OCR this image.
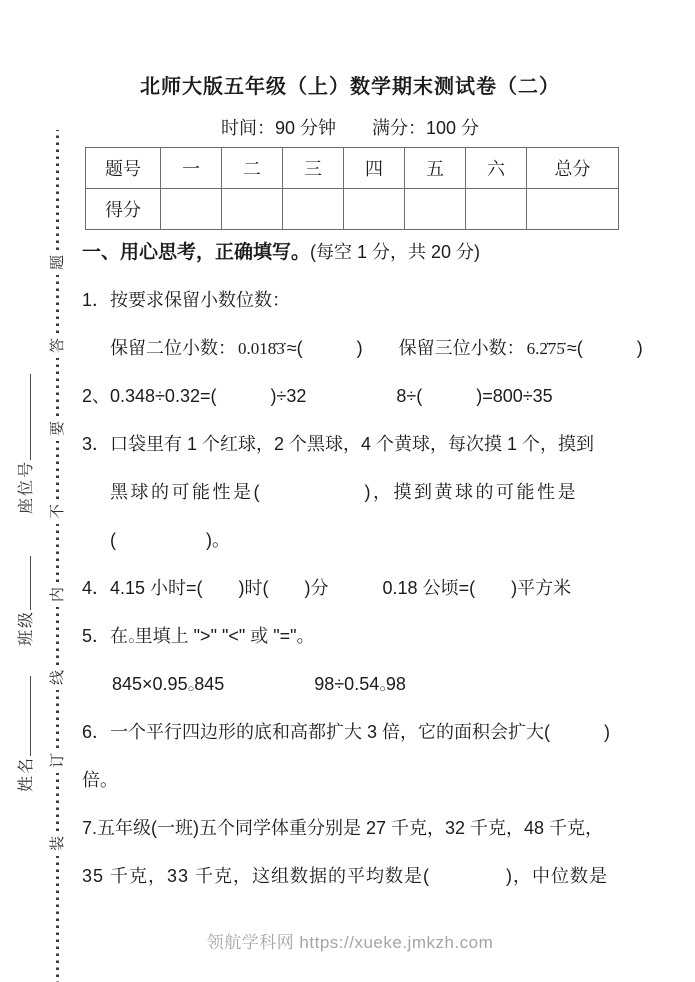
装
订
线
内
不
要
答
题
姓名
班级
座位号
北师大版五年级（上）数学期末测试卷（二）
时间：90 分钟　　满分：100 分
题号	一	二	三	四	五	六	总分
得分							
一、用心思考，正确填写。(每空 1 分，共 20 分)
1．按要求保留小数位数：
保留二位小数： 0.018̇3̇ ≈(　　　)　　 保留三位小数： 6.2̇75̇ ≈(　　　)
2、0.348÷0.32=(　　　)÷32　　　　　8÷(　　　)=800÷35
3．口袋里有 1 个红球，2 个黑球，4 个黄球，每次摸 1 个，摸到
黑球的可能性是(　　　　　)，摸到黄球的可能性是
(　　　　　)。
4．4.15 小时=(　　)时(　　)分　　　0.18 公顷=(　　)平方米
5．在○里填上 ">" "<" 或 "="。
845×0.95○845	98÷0.54○98
6．一个平行四边形的底和高都扩大 3 倍，它的面积会扩大(　　　)
倍。
7.五年级(一班)五个同学体重分别是 27 千克，32 千克，48 千克，
35 千克，33 千克，这组数据的平均数是(　　　　)，中位数是
领航学科网 https://xueke.jmkzh.com
